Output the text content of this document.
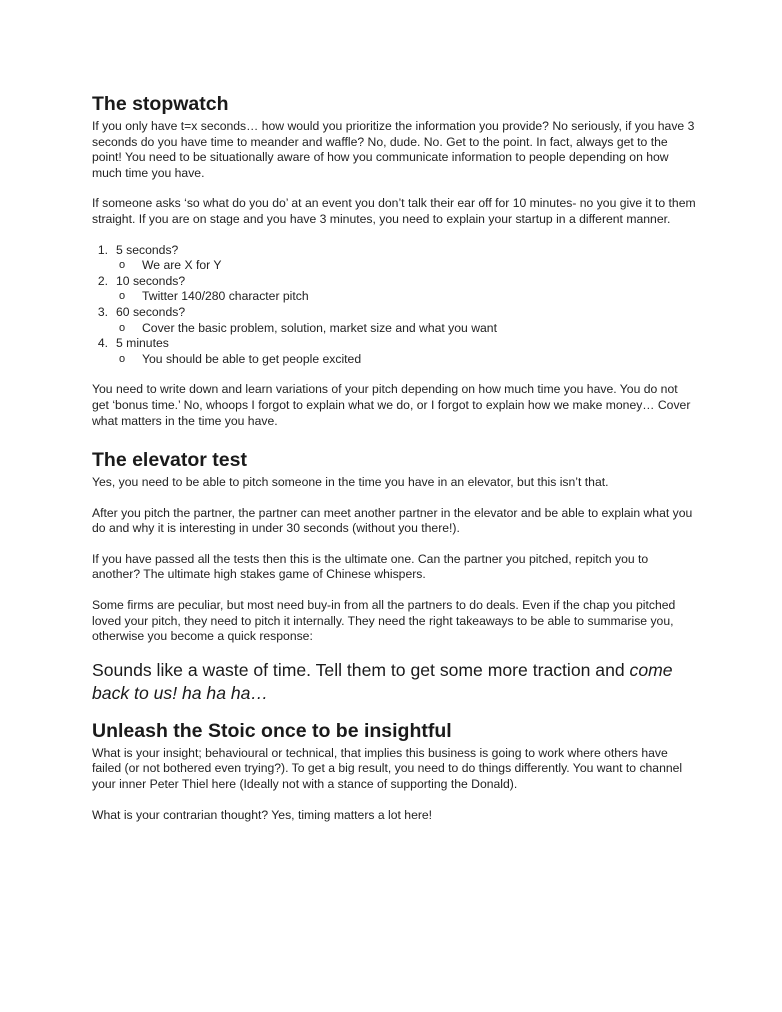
The stopwatch

If you only have t=x seconds… how would you prioritize the information you provide? No seriously, if you have 3 seconds do you have time to meander and waffle? No, dude. No. Get to the point. In fact, always get to the point! You need to be situationally aware of how you communicate information to people depending on how much time you have.

If someone asks ‘so what do you do’ at an event you don’t talk their ear off for 10 minutes- no you give it to them straight. If you are on stage and you have 3 minutes, you need to explain your startup in a different manner.

1. 5 seconds?
o We are X for Y
2. 10 seconds?
o Twitter 140/280 character pitch
3. 60 seconds?
o Cover the basic problem, solution, market size and what you want
4. 5 minutes
o You should be able to get people excited

You need to write down and learn variations of your pitch depending on how much time you have. You do not get ‘bonus time.’ No, whoops I forgot to explain what we do, or I forgot to explain how we make money… Cover what matters in the time you have.

The elevator test

Yes, you need to be able to pitch someone in the time you have in an elevator, but this isn’t that.

After you pitch the partner, the partner can meet another partner in the elevator and be able to explain what you do and why it is interesting in under 30 seconds (without you there!).

If you have passed all the tests then this is the ultimate one. Can the partner you pitched, repitch you to another? The ultimate high stakes game of Chinese whispers.

Some firms are peculiar, but most need buy-in from all the partners to do deals. Even if the chap you pitched loved your pitch, they need to pitch it internally. They need the right takeaways to be able to summarise you, otherwise you become a quick response:

Sounds like a waste of time. Tell them to get some more traction and come back to us! ha ha ha…

Unleash the Stoic once to be insightful

What is your insight; behavioural or technical, that implies this business is going to work where others have failed (or not bothered even trying?). To get a big result, you need to do things differently. You want to channel your inner Peter Thiel here (Ideally not with a stance of supporting the Donald).

What is your contrarian thought? Yes, timing matters a lot here!
